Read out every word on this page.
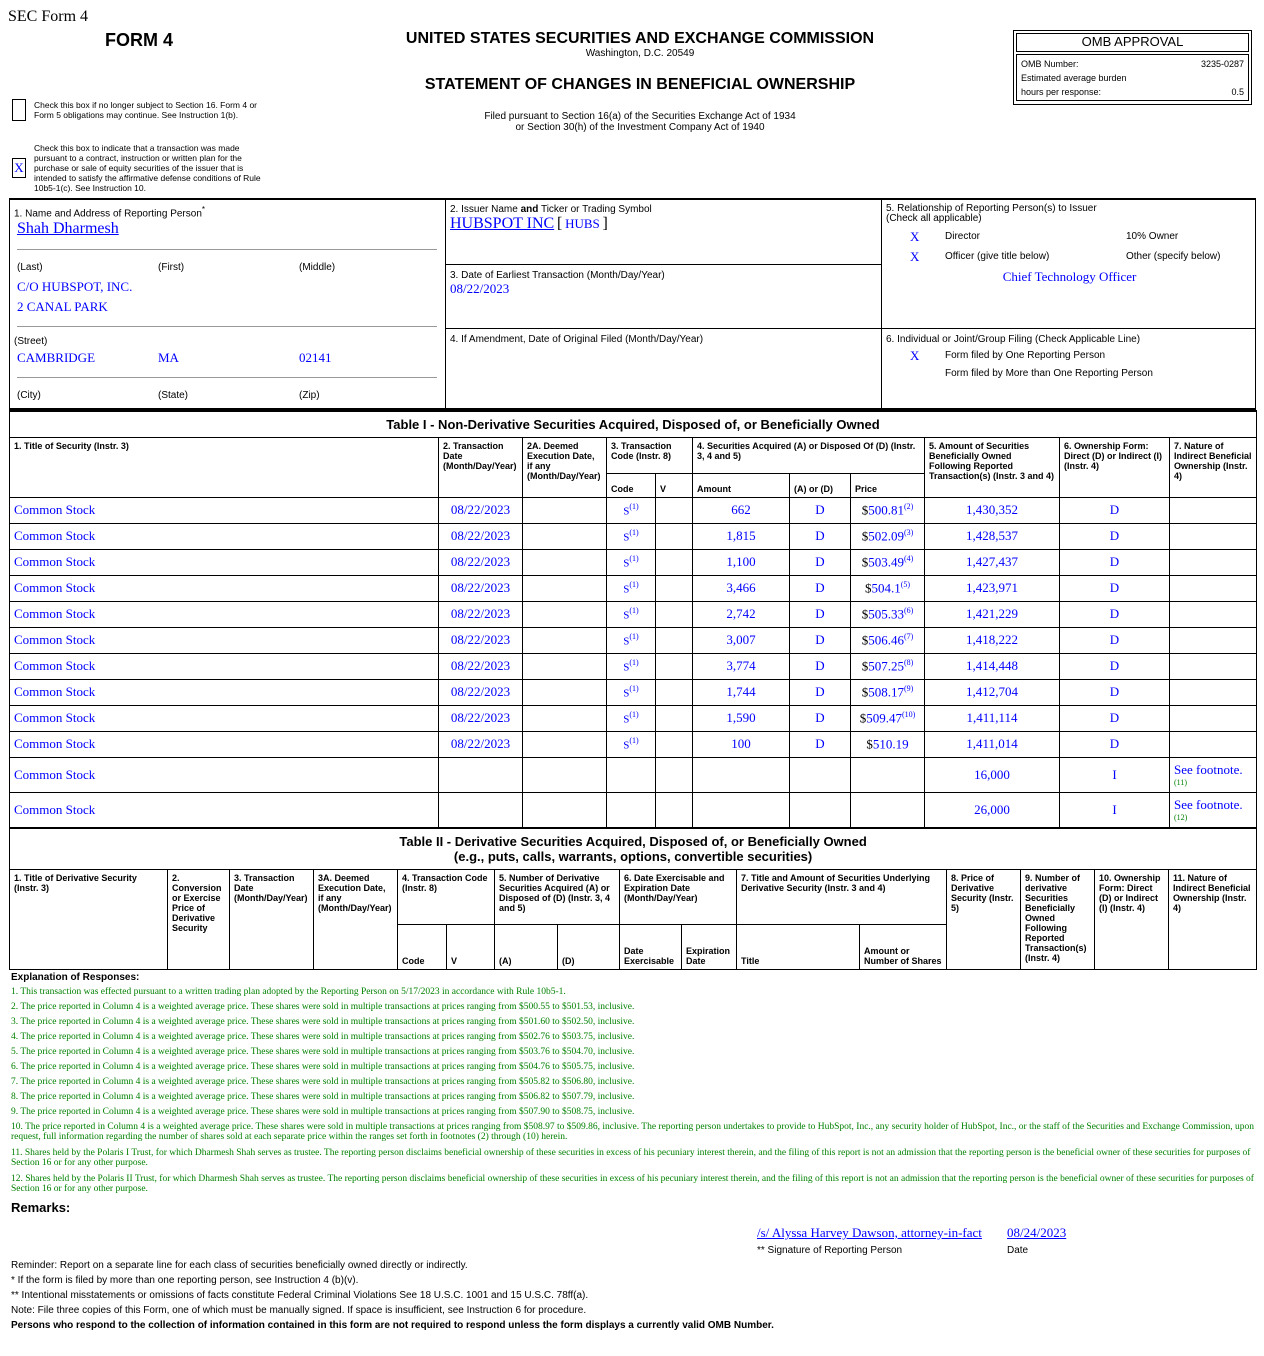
SEC Form 4
FORM 4	UNITED STATES SECURITIES AND EXCHANGE COMMISSION
Washington, D.C. 20549
STATEMENT OF CHANGES IN BENEFICIAL OWNERSHIP
Filed pursuant to Section 16(a) of the Securities Exchange Act of 1934
or Section 30(h) of the Investment Company Act of 1940
OMB APPROVAL
OMB Number:	3235-0287
Estimated average burden
hours per response:	0.5
Check this box if no longer subject to Section 16. Form 4 or Form 5 obligations may continue. See Instruction 1(b).
X
Check this box to indicate that a transaction was made pursuant to a contract, instruction or written plan for the purchase or sale of equity securities of the issuer that is intended to satisfy the affirmative defense conditions of Rule 10b5-1(c). See Instruction 10.
1. Name and Address of Reporting Person*
Shah Dharmesh
(Last)	(First)	(Middle)
C/O HUBSPOT, INC.
2 CANAL PARK
(Street)
CAMBRIDGE	MA	02141
(City)	(State)	(Zip)
2. Issuer Name and Ticker or Trading Symbol
HUBSPOT INC [ HUBS ]
3. Date of Earliest Transaction (Month/Day/Year)
08/22/2023
4. If Amendment, Date of Original Filed (Month/Day/Year)
5. Relationship of Reporting Person(s) to Issuer
(Check all applicable)
X	Director	10% Owner
X	Officer (give title below)	Other (specify below)
Chief Technology Officer
6. Individual or Joint/Group Filing (Check Applicable Line)
X	Form filed by One Reporting Person
Form filed by More than One Reporting Person
Table I - Non-Derivative Securities Acquired, Disposed of, or Beneficially Owned										
1. Title of Security (Instr. 3)	2. Transaction Date (Month/Day/Year)	2A. Deemed Execution Date, if any (Month/Day/Year)	3. Transaction Code (Instr. 8)		4. Securities Acquired (A) or Disposed Of (D) (Instr. 3, 4 and 5)			5. Amount of Securities Beneficially Owned Following Reported Transaction(s) (Instr. 3 and 4)	6. Ownership Form: Direct (D) or Indirect (I) (Instr. 4)	7. Nature of Indirect Beneficial Ownership (Instr. 4)
			Code	V	Amount	(A) or (D)	Price			
Common Stock	08/22/2023		$S^{(1)}$		662	D	$500.81$^{(2)}$	1,430,352	D	
Common Stock	08/22/2023		$S^{(1)}$		1,815	D	$502.09$^{(3)}$	1,428,537	D	
Common Stock	08/22/2023		$S^{(1)}$		1,100	D	$503.49$^{(4)}$	1,427,437	D	
Common Stock	08/22/2023		$S^{(1)}$		3,466	D	$504.1$^{(5)}$	1,423,971	D	
Common Stock	08/22/2023		$S^{(1)}$		2,742	D	$505.33$^{(6)}$	1,421,229	D	
Common Stock	08/22/2023		$S^{(1)}$		3,007	D	$506.46$^{(7)}$	1,418,222	D	
Common Stock	08/22/2023		$S^{(1)}$		3,774	D	$507.25$^{(8)}$	1,414,448	D	
Common Stock	08/22/2023		$S^{(1)}$		1,744	D	$508.17$^{(9)}$	1,412,704	D	
Common Stock	08/22/2023		$S^{(1)}$		1,590	D	$509.47$^{(10)}$	1,411,114	D	
Common Stock	08/22/2023		$S^{(1)}$		100	D	$510.19	1,411,014	D	
Common Stock								16,000	I	See footnote.
(11)

Common Stock								26,000	I	See footnote.
(12)
Table II - Derivative Securities Acquired, Disposed of, or Beneficially Owned
(e.g., puts, calls, warrants, options, convertible securities)															

1. Title of Derivative Security (Instr. 3)	2. Conversion or Exercise Price of Derivative Security	3. Transaction Date (Month/Day/Year)	3A. Deemed Execution Date, if any (Month/Day/Year)	4. Transaction Code (Instr. 8)		5. Number of Derivative Securities Acquired (A) or Disposed of (D) (Instr. 3, 4 and 5)		6. Date Exercisable and Expiration Date (Month/Day/Year)		7. Title and Amount of Securities Underlying Derivative Security (Instr. 3 and 4)		8. Price of Derivative Security (Instr. 5)	9. Number of derivative Securities Beneficially Owned Following Reported Transaction(s) (Instr. 4)	10. Ownership Form: Direct (D) or Indirect (I) (Instr. 4)	11. Nature of Indirect Beneficial Ownership (Instr. 4)
				Code	V	(A)	(D)	Date Exercisable	Expiration Date	Title	Amount or Number of Shares				
Explanation of Responses:
1. This transaction was effected pursuant to a written trading plan adopted by the Reporting Person on 5/17/2023 in accordance with Rule 10b5-1.
2. The price reported in Column 4 is a weighted average price. These shares were sold in multiple transactions at prices ranging from $500.55 to $501.53, inclusive.
3. The price reported in Column 4 is a weighted average price. These shares were sold in multiple transactions at prices ranging from $501.60 to $502.50, inclusive.
4. The price reported in Column 4 is a weighted average price. These shares were sold in multiple transactions at prices ranging from $502.76 to $503.75, inclusive.
5. The price reported in Column 4 is a weighted average price. These shares were sold in multiple transactions at prices ranging from $503.76 to $504.70, inclusive.
6. The price reported in Column 4 is a weighted average price. These shares were sold in multiple transactions at prices ranging from $504.76 to $505.75, inclusive.
7. The price reported in Column 4 is a weighted average price. These shares were sold in multiple transactions at prices ranging from $505.82 to $506.80, inclusive.
8. The price reported in Column 4 is a weighted average price. These shares were sold in multiple transactions at prices ranging from $506.82 to $507.79, inclusive.
9. The price reported in Column 4 is a weighted average price. These shares were sold in multiple transactions at prices ranging from $507.90 to $508.75, inclusive.
10. The price reported in Column 4 is a weighted average price. These shares were sold in multiple transactions at prices ranging from $508.97 to $509.86, inclusive. The reporting person undertakes to provide to HubSpot, Inc., any security holder of HubSpot, Inc., or the staff of the Securities and Exchange Commission, upon request, full information regarding the number of shares sold at each separate price within the ranges set forth in footnotes (2) through (10) herein.
11. Shares held by the Polaris I Trust, for which Dharmesh Shah serves as trustee. The reporting person disclaims beneficial ownership of these securities in excess of his pecuniary interest therein, and the filing of this report is not an admission that the reporting person is the beneficial owner of these securities for purposes of Section 16 or for any other purpose.
12. Shares held by the Polaris II Trust, for which Dharmesh Shah serves as trustee. The reporting person disclaims beneficial ownership of these securities in excess of his pecuniary interest therein, and the filing of this report is not an admission that the reporting person is the beneficial owner of these securities for purposes of Section 16 or for any other purpose.
Remarks:
/s/ Alyssa Harvey Dawson, attorney-in-fact
** Signature of Reporting Person
08/24/2023
Date
Reminder: Report on a separate line for each class of securities beneficially owned directly or indirectly.
* If the form is filed by more than one reporting person, see Instruction 4 (b)(v).
** Intentional misstatements or omissions of facts constitute Federal Criminal Violations See 18 U.S.C. 1001 and 15 U.S.C. 78ff(a).
Note: File three copies of this Form, one of which must be manually signed. If space is insufficient, see Instruction 6 for procedure.
Persons who respond to the collection of information contained in this form are not required to respond unless the form displays a currently valid OMB Number.
